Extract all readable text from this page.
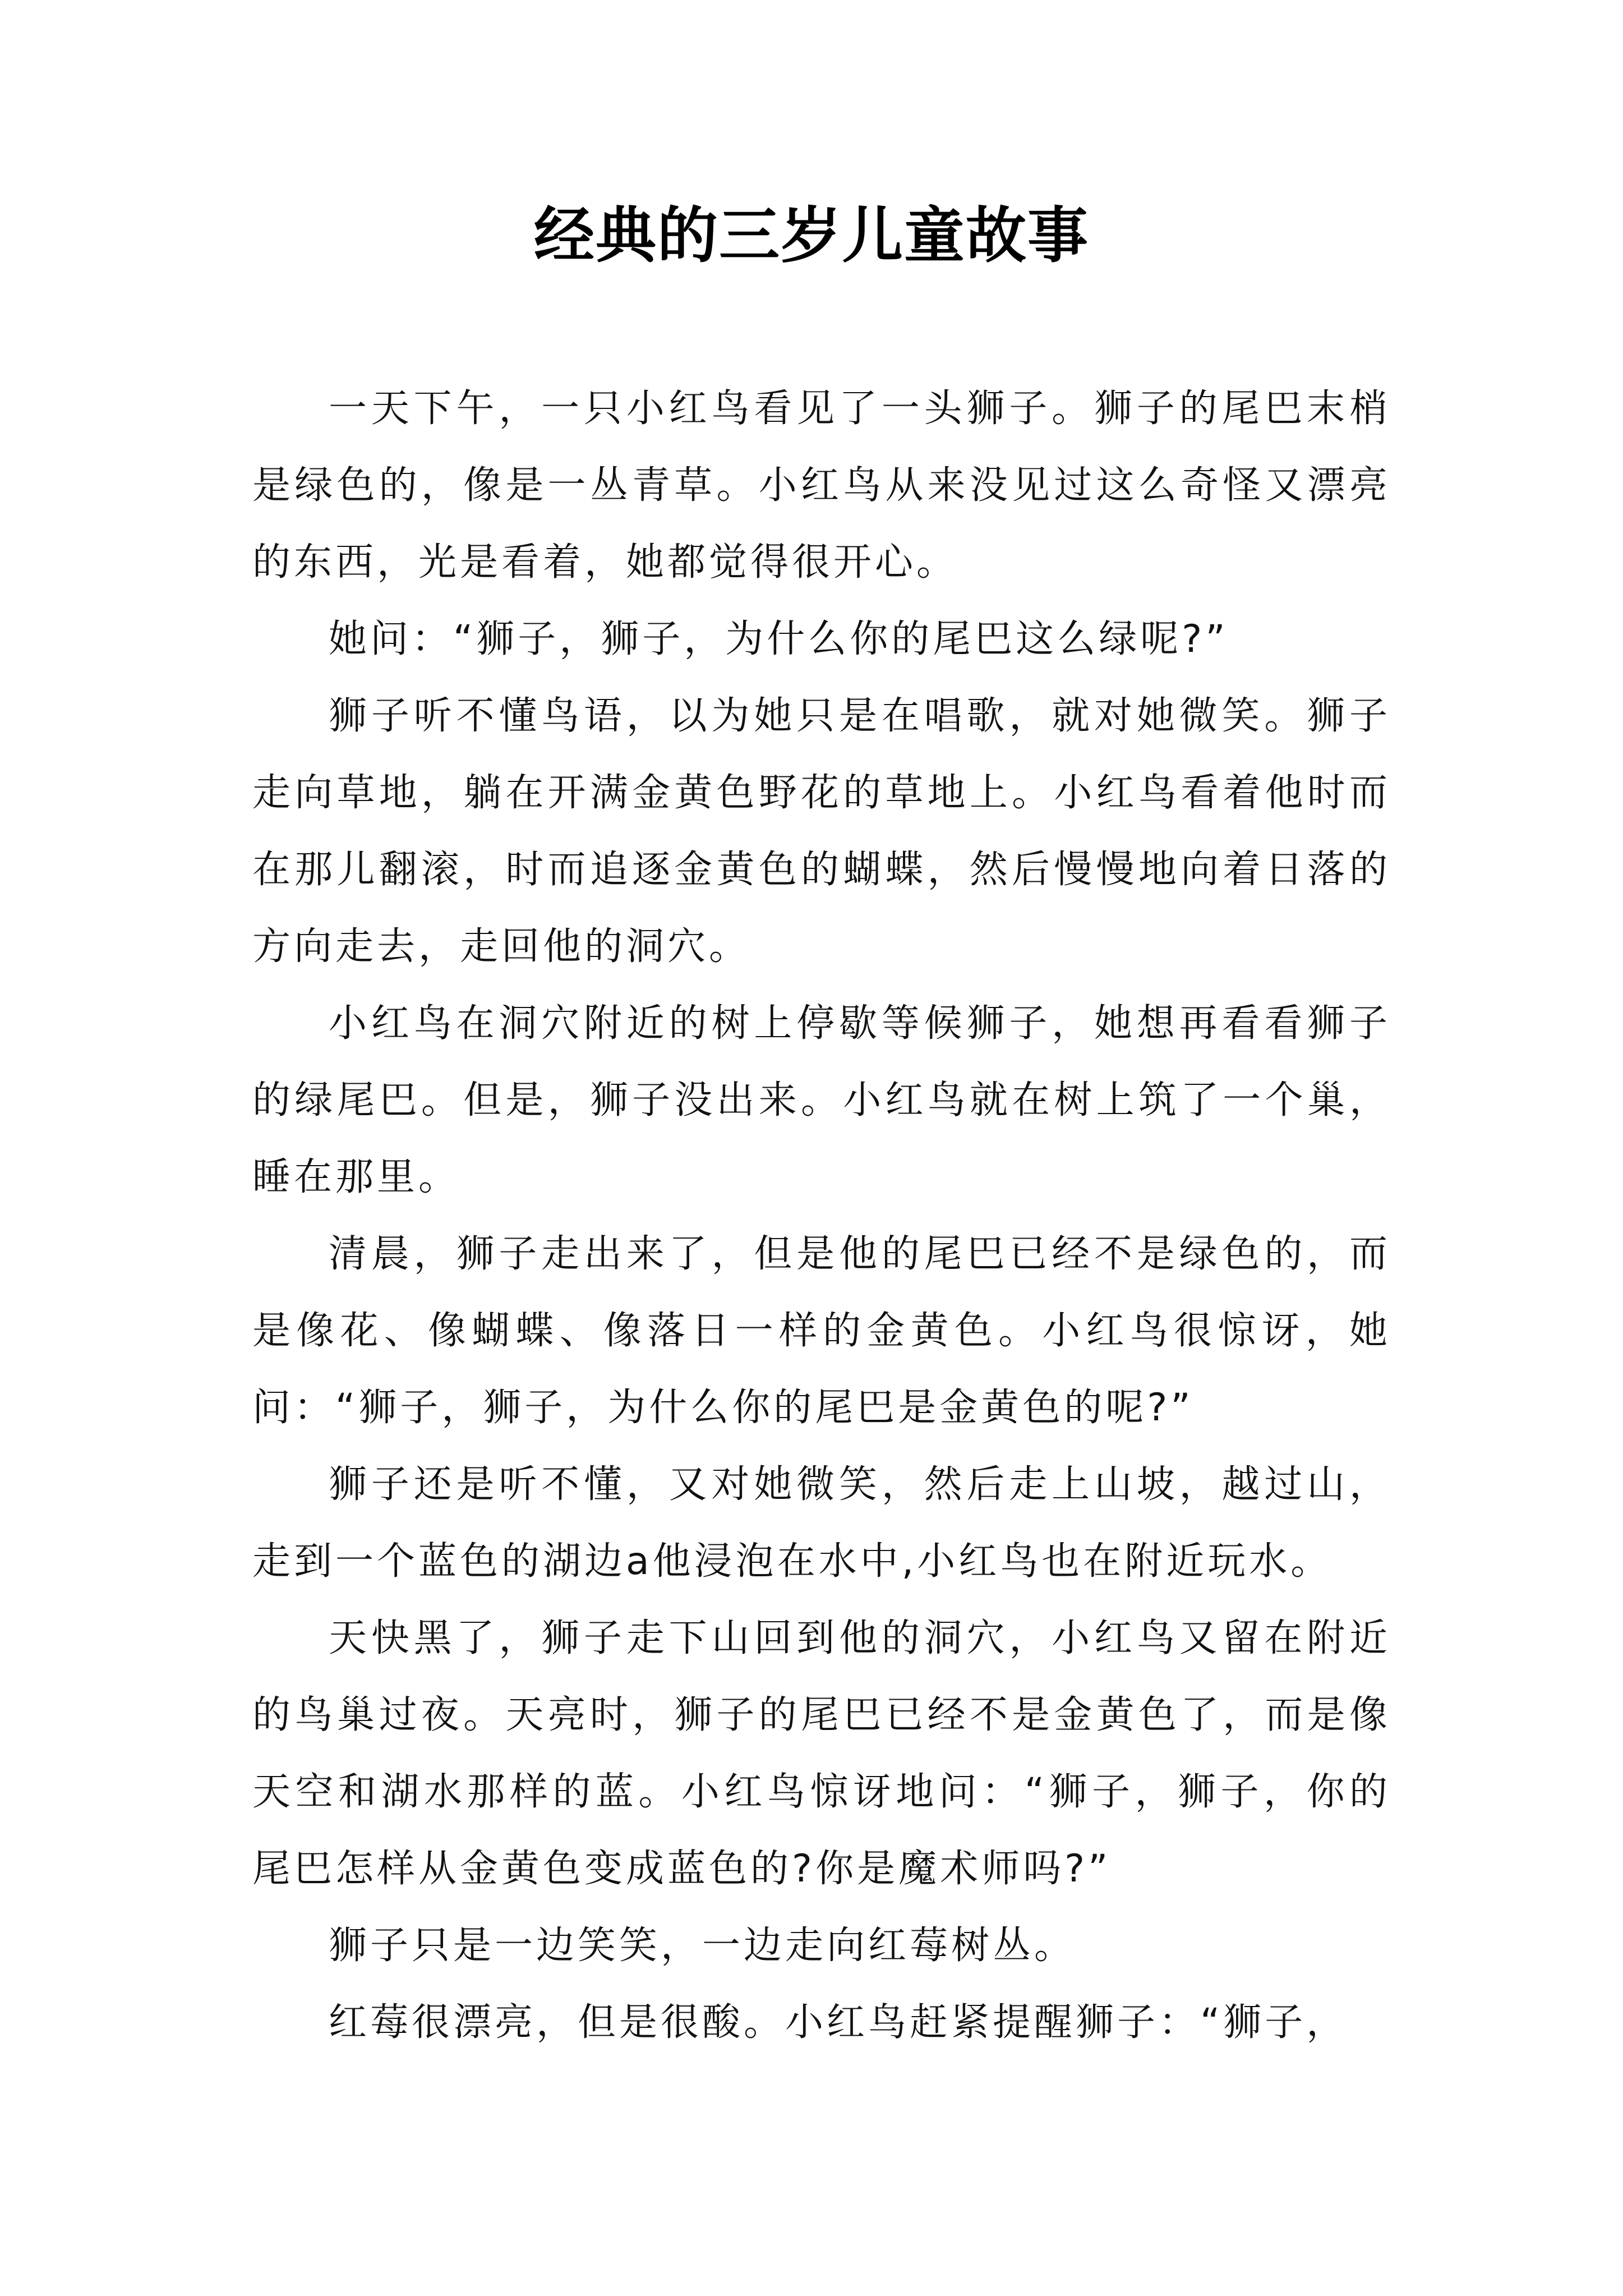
经典的三岁儿童故事

一天下午，一只小红鸟看见了一头狮子。狮子的尾巴末梢是绿色的，像是一丛青草。小红鸟从来没见过这么奇怪又漂亮的东西，光是看着，她都觉得很开心。

她问：“狮子，狮子，为什么你的尾巴这么绿呢?”

狮子听不懂鸟语，以为她只是在唱歌，就对她微笑。狮子走向草地，躺在开满金黄色野花的草地上。小红鸟看着他时而在那儿翻滚，时而追逐金黄色的蝴蝶，然后慢慢地向着日落的方向走去，走回他的洞穴。

小红鸟在洞穴附近的树上停歇等候狮子，她想再看看狮子的绿尾巴。但是，狮子没出来。小红鸟就在树上筑了一个巢，睡在那里。

清晨，狮子走出来了，但是他的尾巴已经不是绿色的，而是像花、像蝴蝶、像落日一样的金黄色。小红鸟很惊讶，她问：“狮子，狮子，为什么你的尾巴是金黄色的呢?”

狮子还是听不懂，又对她微笑，然后走上山坡，越过山，走到一个蓝色的湖边a他浸泡在水中,小红鸟也在附近玩水。

天快黑了，狮子走下山回到他的洞穴，小红鸟又留在附近的鸟巢过夜。天亮时，狮子的尾巴已经不是金黄色了，而是像天空和湖水那样的蓝。小红鸟惊讶地问：“狮子，狮子，你的尾巴怎样从金黄色变成蓝色的?你是魔术师吗?”

狮子只是一边笑笑，一边走向红莓树丛。

红莓很漂亮，但是很酸。小红鸟赶紧提醒狮子：“狮子，
